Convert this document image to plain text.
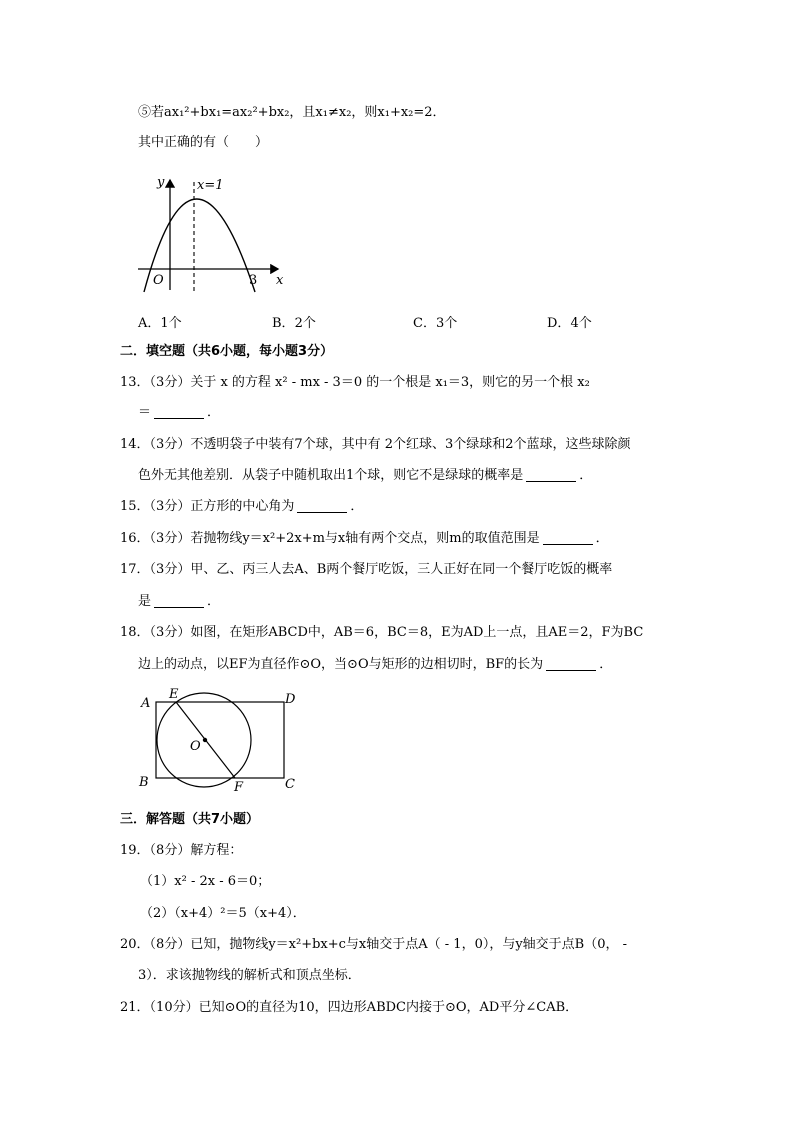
⑤若ax₁²+bx₁=ax₂²+bx₂，且x₁≠x₂，则x₁+x₂=2．
其中正确的有（　　）
y
x
O	3
x=1
A．1个	B．2个	C．3个	D．4个
二．填空题（共6小题，每小题3分）
13．（3分）关于 x 的方程 x² - mx - 3＝0 的一个根是 x₁＝3，则它的另一个根 x₂
＝	．
14．（3分）不透明袋子中装有7个球，其中有 2个红球、3个绿球和2个蓝球，这些球除颜
色外无其他差别．从袋子中随机取出1个球，则它不是绿球的概率是	．
15．（3分）正方形的中心角为	．
16．（3分）若抛物线y＝x²+2x+m与x轴有两个交点，则m的取值范围是	．
17．（3分）甲、乙、丙三人去A、B两个餐厅吃饭，三人正好在同一个餐厅吃饭的概率
是	．
18．（3分）如图，在矩形ABCD中，AB＝6，BC＝8，E为AD上一点，且AE＝2，F为BC
边上的动点，以EF为直径作⊙O，当⊙O与矩形的边相切时，BF的长为	．
A
E	D
O
B	F	C
三．解答题（共7小题）
19．（8分）解方程：
（1）x² - 2x - 6＝0；
（2）（x+4）²＝5（x+4）．
20．（8分）已知，抛物线y＝x²+bx+c与x轴交于点A（ - 1，0），与y轴交于点B（0， -
3）．求该抛物线的解析式和顶点坐标．
21．（10分）已知⊙O的直径为10，四边形ABDC内接于⊙O，AD平分∠CAB．
